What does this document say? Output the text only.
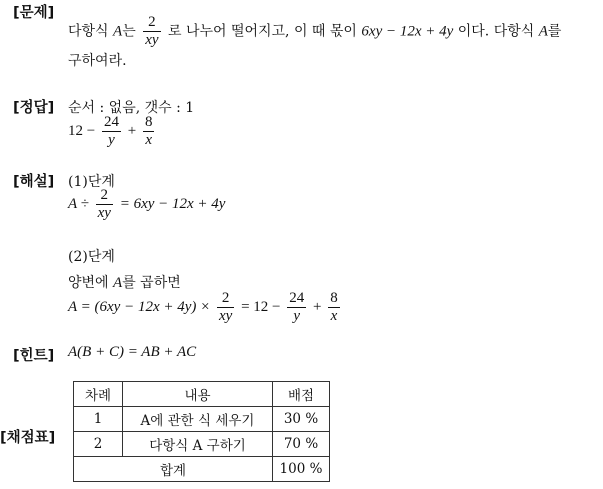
[문제]
다항식 A는 $\frac{2}{xy}$ 로 나누어 떨어지고, 이 때 몫이 6xy − 12x + 4y 이다. 다항식 A를
구하여라.
[정답] 순서 : 없음, 갯수 : 1
$12 - \frac{24}{y} + \frac{8}{x}$
[해설] (1)단계
$A \div \frac{2}{xy} = 6xy - 12x + 4y$
(2)단계
양변에 A를 곱하면
$A = (6xy - 12x + 4y) \times \frac{2}{xy} = 12 - \frac{24}{y} + \frac{8}{x}$
[힌트] A(B + C) = AB + AC
[채점표]
차례	내용	배점
1	A에 관한 식 세우기	30 %
2	다항식 A 구하기	70 %
합계		100 %
